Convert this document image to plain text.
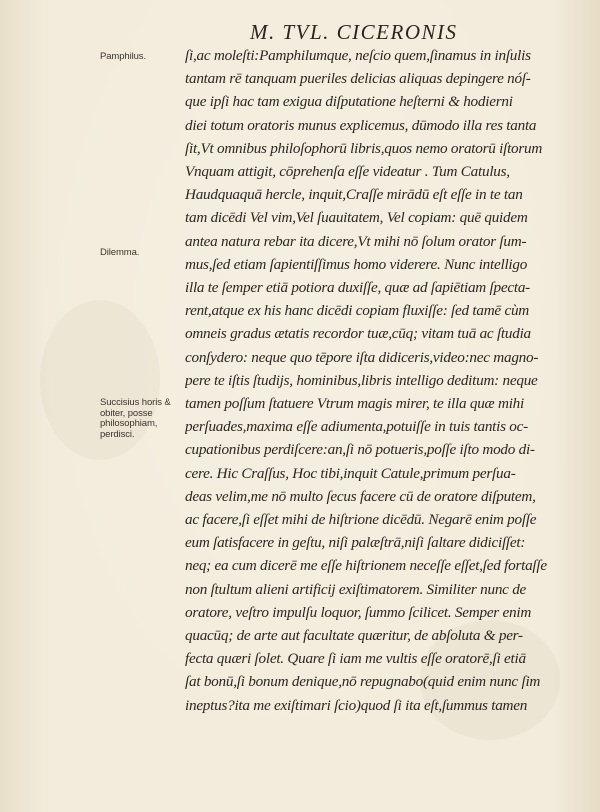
M. TVL. CICERONIS
Pamphilus.
Dilemma.
Succisius horis & obiter, posse philosophiam, perdisci.
ſi,ac moleſti:Pamphilumque, neſcio quem,ſinamus in inſulis
tantam rē tanquam pueriles delicias aliquas depingere nóſ-
que ipſi hac tam exigua diſputatione heſterni & hodierni
diei totum oratoris munus explicemus, dūmodo illa res tanta
ſit,Vt omnibus philoſophorū libris,quos nemo oratorū iſtorum
Vnquam attigit, cōprehenſa eſſe videatur . Tum Catulus,
Haudquaquā hercle, inquit,Craſſe mirādū eſt eſſe in te tan
tam dicēdi Vel vim,Vel ſuauitatem, Vel copiam: quē quidem
antea natura rebar ita dicere,Vt mihi nō ſolum orator ſum-
mus,ſed etiam ſapientiſſimus homo viderere. Nunc intelligo
illa te ſemper etiā potiora duxiſſe, quæ ad ſapiētiam ſpecta-
rent,atque ex his hanc dicēdi copiam fluxiſſe: ſed tamē cùm
omneis gradus ætatis recordor tuæ,cūq; vitam tuā ac ſtudia
conſydero: neque quo tēpore iſta didiceris,video:nec magno-
pere te iſtis ſtudijs, hominibus,libris intelligo deditum: neque
tamen poſſum ſtatuere Vtrum magis mirer, te illa quæ mihi
perſuades,maxima eſſe adiumenta,potuiſſe in tuis tantis oc-
cupationibus perdiſcere:an,ſi nō potueris,poſſe iſto modo di-
cere. Hic Craſſus, Hoc tibi,inquit Catule,primum perſua-
deas velim,me nō multo ſecus facere cū de oratore diſputem,
ac facere,ſi eſſet mihi de hiſtrione dicēdū. Negarē enim poſſe
eum ſatisfacere in geſtu, niſi palæſtrā,niſi ſaltare didiciſſet:
neq; ea cum dicerē me eſſe hiſtrionem neceſſe eſſet,ſed fortaſſe
non ſtultum alieni artificij exiſtimatorem. Similiter nunc de
oratore, veſtro impulſu loquor, ſummo ſcilicet. Semper enim
quacūq; de arte aut facultate quæritur, de abſoluta & per-
fecta quæri ſolet. Quare ſi iam me vultis eſſe oratorē,ſi etiā
ſat bonū,ſi bonum denique,nō repugnabo(quid enim nunc ſim
ineptus?ita me exiſtimari ſcio)quod ſi ita eſt,ſummus tamen
